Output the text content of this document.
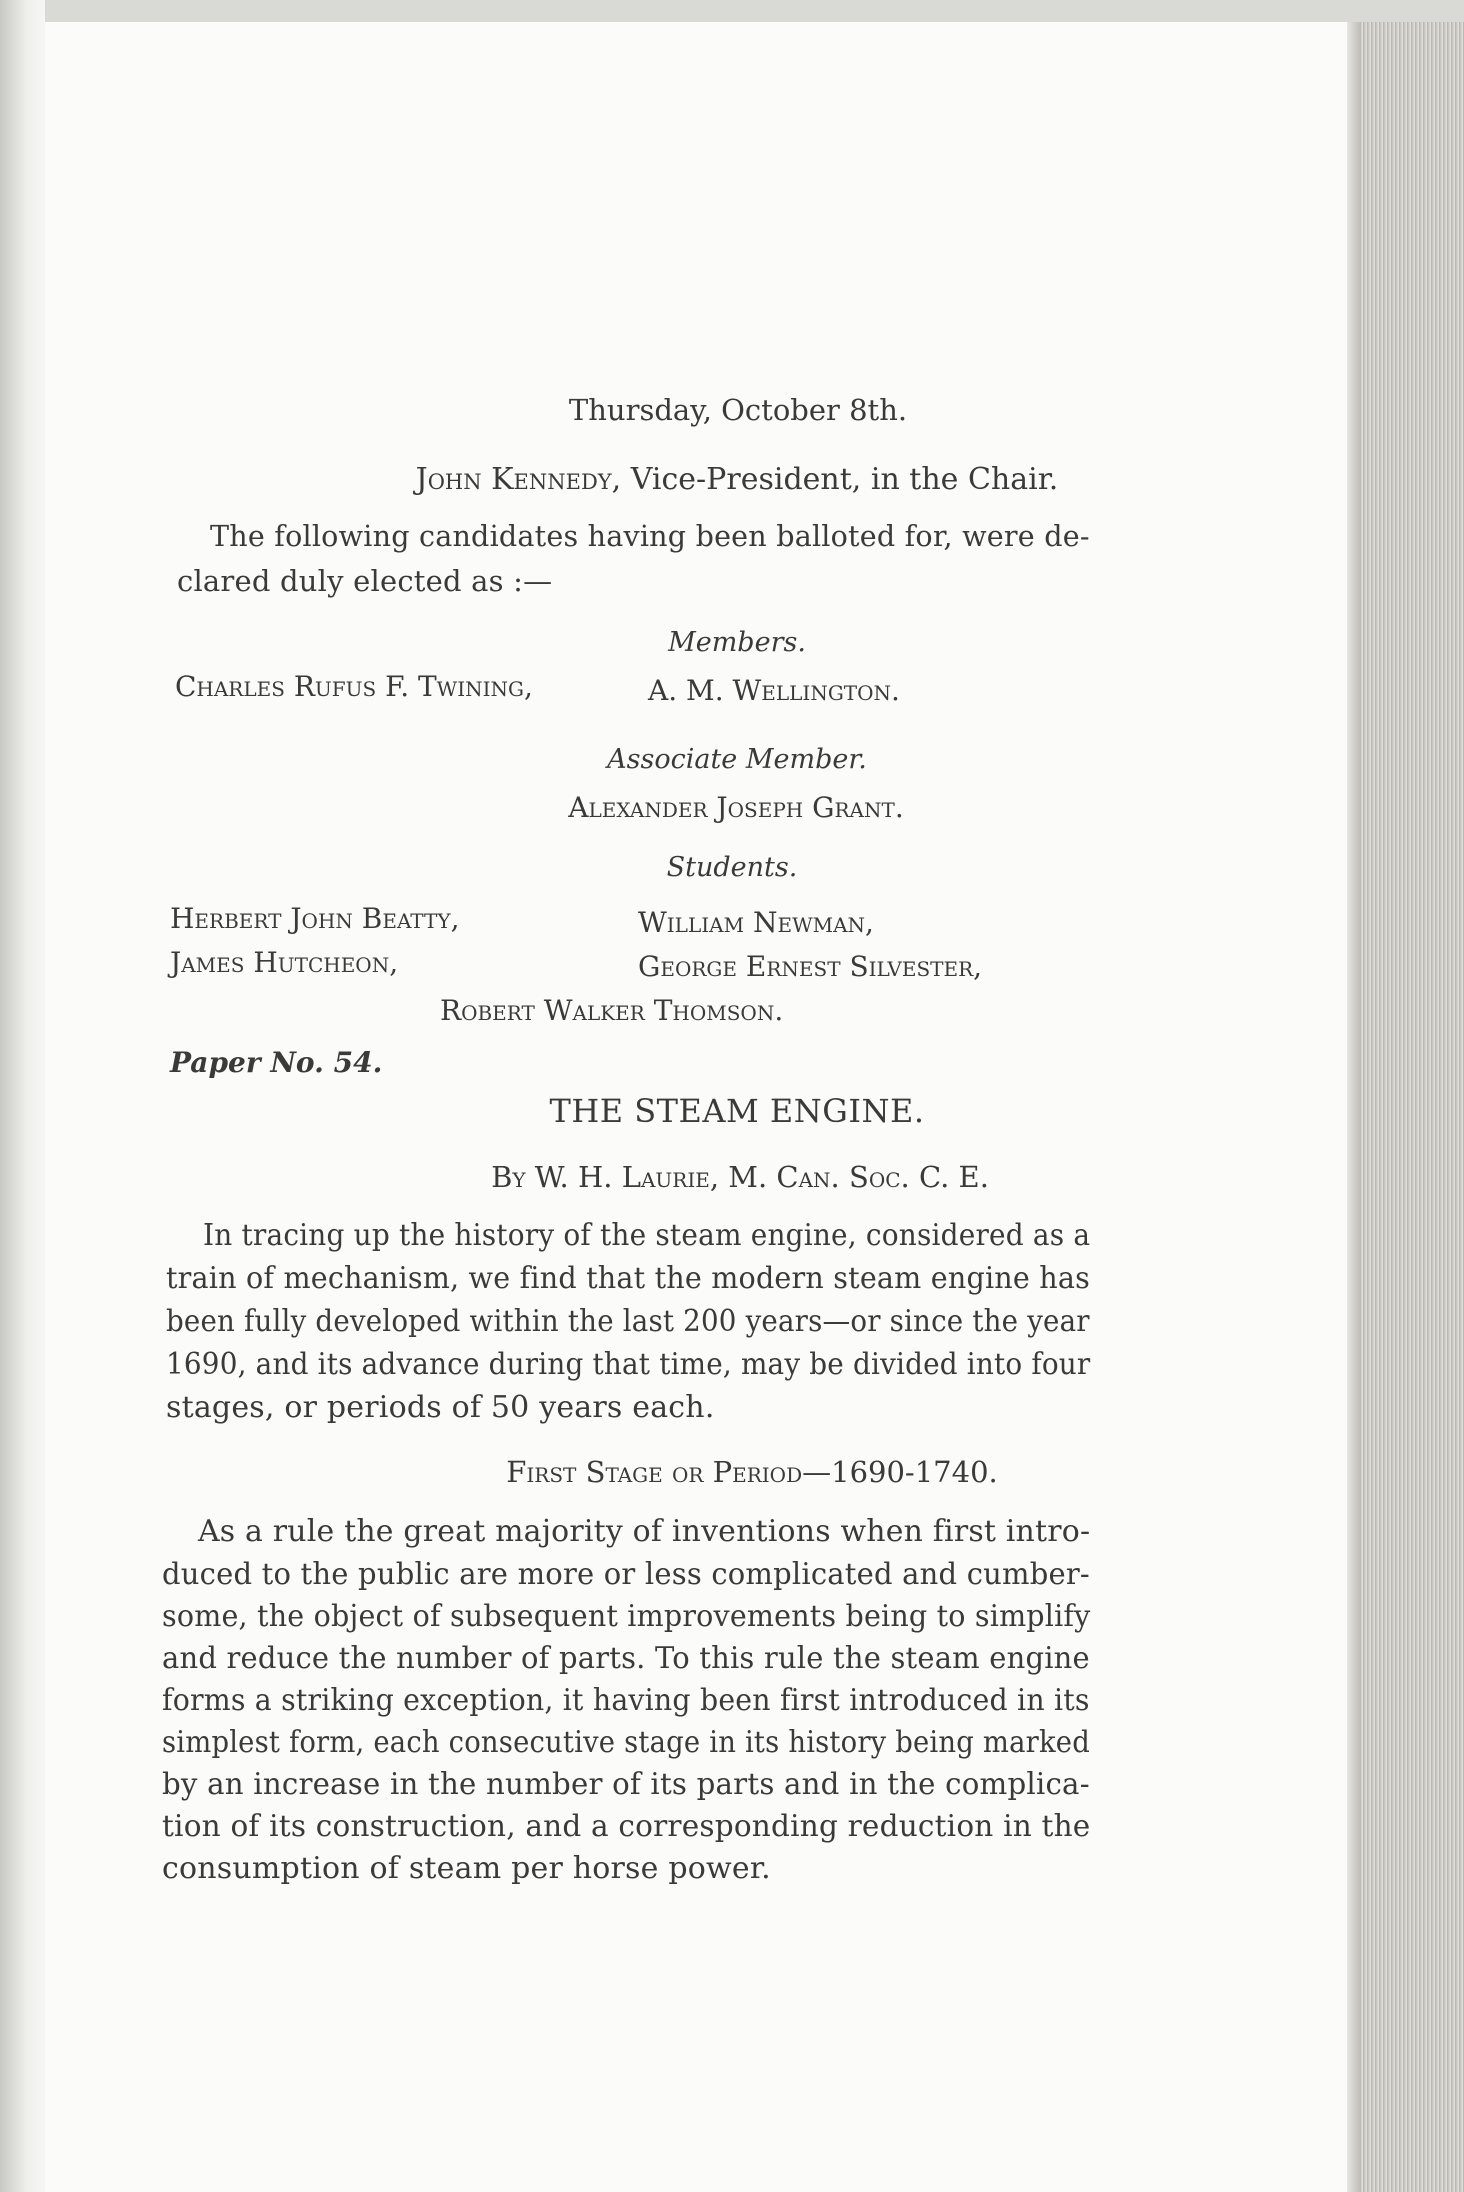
Thursday, October 8th.

John Kennedy, Vice-President, in the Chair.

The following candidates having been balloted for, were de-

clared duly elected as :—

Members.

Charles Rufus F. Twining,	A. M. Wellington.

Associate Member.

Alexander Joseph Grant.

Students.

Herbert John Beatty,	William Newman,

James Hutcheon,	George Ernest Silvester,

Robert Walker Thomson.

Paper No. 54.

THE STEAM ENGINE.

By W. H. Laurie, M. Can. Soc. C. E.

In tracing up the history of the steam engine, considered as a

train of mechanism, we find that the modern steam engine has

been fully developed within the last 200 years—or since the year

1690, and its advance during that time, may be divided into four

stages, or periods of 50 years each.

First Stage or Period—1690-1740.

As a rule the great majority of inventions when first intro-

duced to the public are more or less complicated and cumber-

some, the object of subsequent improvements being to simplify

and reduce the number of parts. To this rule the steam engine

forms a striking exception, it having been first introduced in its

simplest form, each consecutive stage in its history being marked

by an increase in the number of its parts and in the complica-

tion of its construction, and a corresponding reduction in the

consumption of steam per horse power.
